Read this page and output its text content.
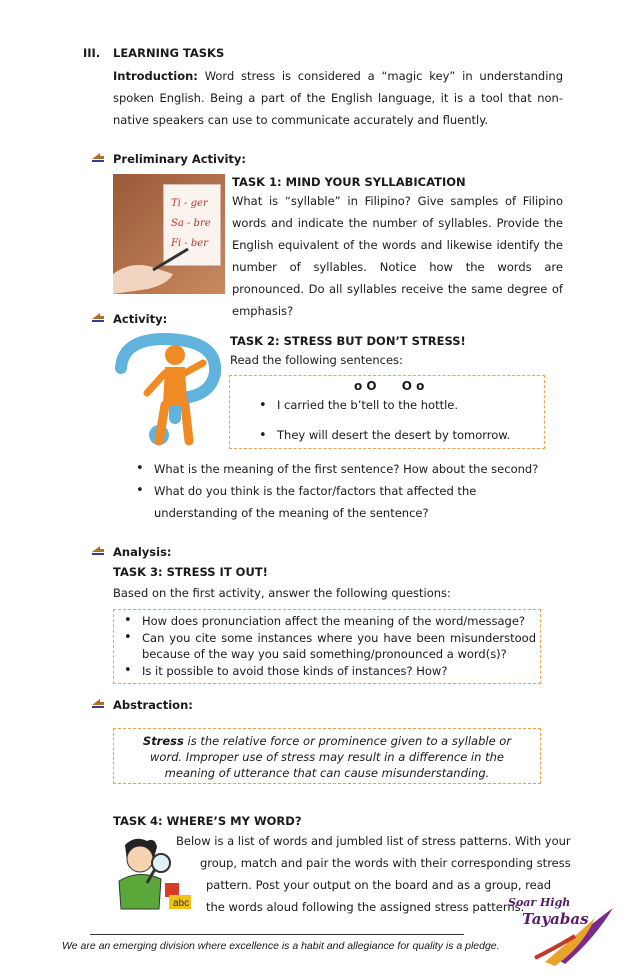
III. LEARNING TASKS
Introduction: Word stress is considered a “magic key” in understanding spoken English. Being a part of the English language, it is a tool that non-native speakers can use to communicate accurately and fluently.
Preliminary Activity:
Ti - ger
Sa - bre
Fi - ber
TASK 1: MIND YOUR SYLLABICATION
What is “syllable” in Filipino? Give samples of Filipino words and indicate the number of syllables. Provide the English equivalent of the words and likewise identify the number of syllables. Notice how the words are pronounced. Do all syllables receive the same degree of emphasis?
Activity:
TASK 2: STRESS BUT DON’T STRESS!
Read the following sentences:
o O      O o
• I carried the b’tell to the hottle.
• They will desert the desert by tomorrow.
• What is the meaning of the first sentence? How about the second?
• What do you think is the factor/factors that affected the understanding of the meaning of the sentence?
Analysis:
TASK 3: STRESS IT OUT!
Based on the first activity, answer the following questions:
• How does pronunciation affect the meaning of the word/message?
• Can you cite some instances where you have been misunderstood because of the way you said something/pronounced a word(s)?
• Is it possible to avoid those kinds of instances? How?
Abstraction:
Stress is the relative force or prominence given to a syllable or word. Improper use of stress may result in a difference in the meaning of utterance that can cause misunderstanding.
TASK 4: WHERE’S MY WORD?
Below is a list of words and jumbled list of stress patterns. With your
group, match and pair the words with their corresponding stress
pattern. Post your output on the board and as a group, read
the words aloud following the assigned stress patterns.
abc	Soar High
Tayabas
We are an emerging division where excellence is a habit and allegiance for quality is a pledge.
